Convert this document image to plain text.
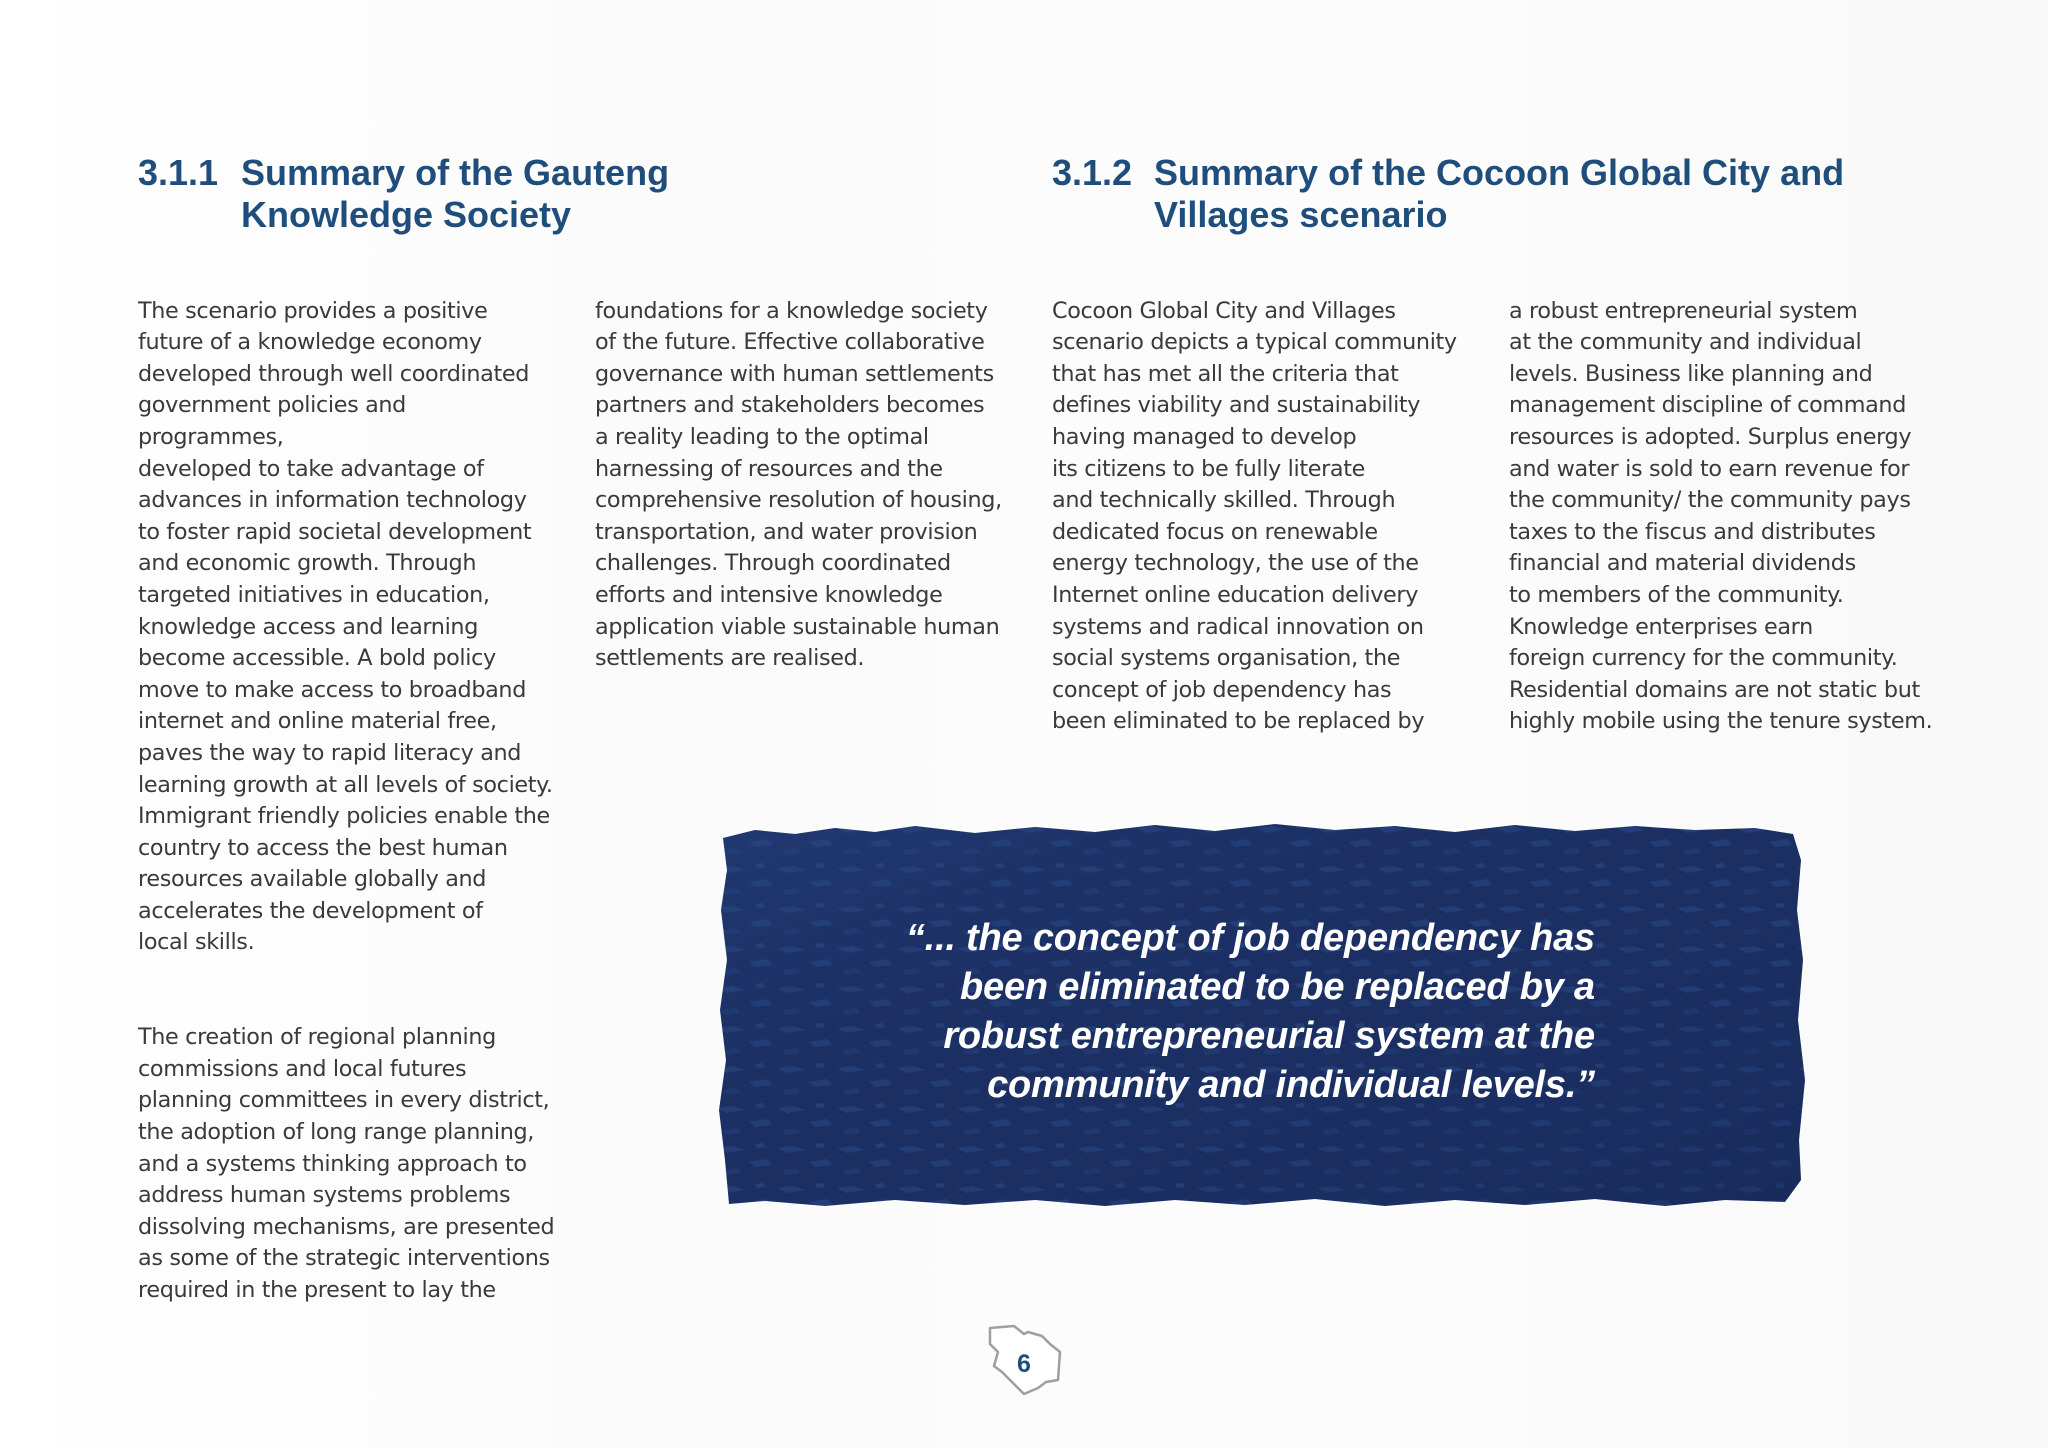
3.1.1 Summary of the Gauteng
Knowledge Society

The scenario provides a positive
future of a knowledge economy
developed through well coordinated
government policies and programmes,
developed to take advantage of
advances in information technology
to foster rapid societal development
and economic growth. Through
targeted initiatives in education,
knowledge access and learning
become accessible. A bold policy
move to make access to broadband
internet and online material free,
paves the way to rapid literacy and
learning growth at all levels of society.
Immigrant friendly policies enable the
country to access the best human
resources available globally and
accelerates the development of
local skills.

The creation of regional planning
commissions and local futures
planning committees in every district,
the adoption of long range planning,
and a systems thinking approach to
address human systems problems
dissolving mechanisms, are presented
as some of the strategic interventions
required in the present to lay the

foundations for a knowledge society
of the future. Effective collaborative
governance with human settlements
partners and stakeholders becomes
a reality leading to the optimal
harnessing of resources and the
comprehensive resolution of housing,
transportation, and water provision
challenges. Through coordinated
efforts and intensive knowledge
application viable sustainable human
settlements are realised.

3.1.2 Summary of the Cocoon Global City and
Villages scenario

Cocoon Global City and Villages
scenario depicts a typical community
that has met all the criteria that
defines viability and sustainability
having managed to develop
its citizens to be fully literate
and technically skilled. Through
dedicated focus on renewable
energy technology, the use of the
Internet online education delivery
systems and radical innovation on
social systems organisation, the
concept of job dependency has
been eliminated to be replaced by

a robust entrepreneurial system
at the community and individual
levels. Business like planning and
management discipline of command
resources is adopted. Surplus energy
and water is sold to earn revenue for
the community/ the community pays
taxes to the fiscus and distributes
financial and material dividends
to members of the community.
Knowledge enterprises earn
foreign currency for the community.
Residential domains are not static but
highly mobile using the tenure system.

“... the concept of job dependency has
been eliminated to be replaced by a
robust entrepreneurial system at the
community and individual levels.”
6
